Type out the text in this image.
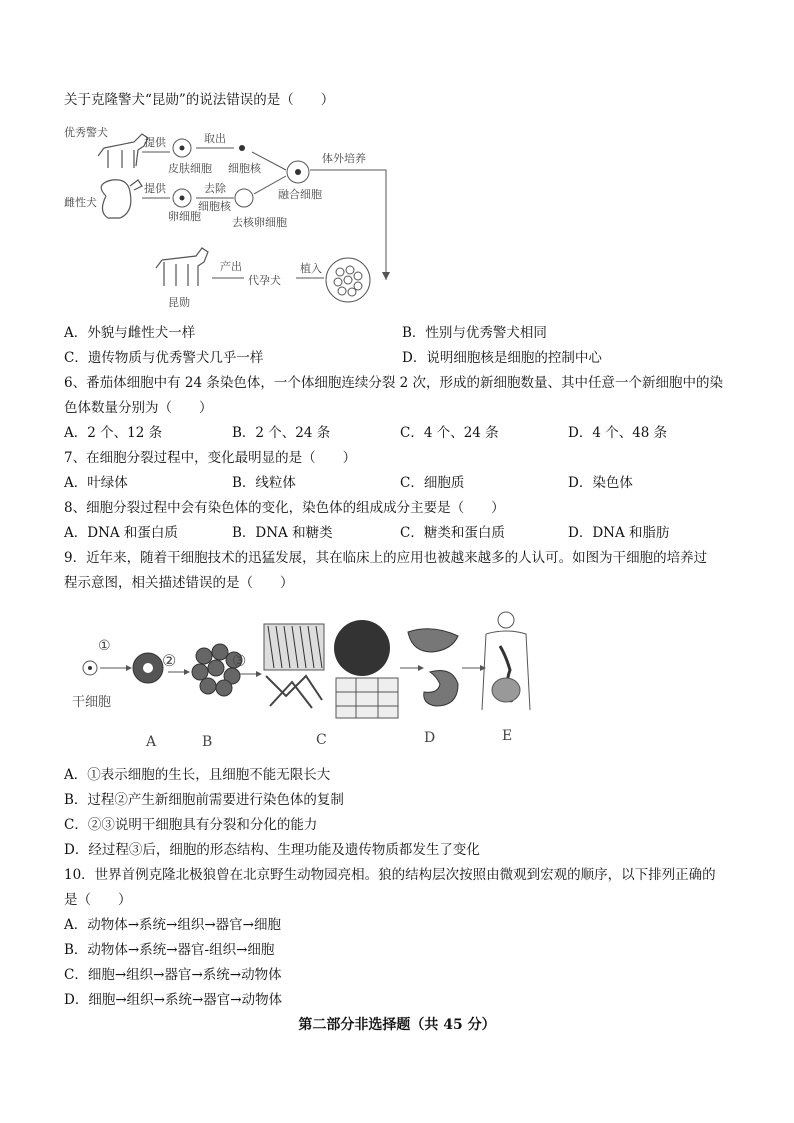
关于克隆警犬“昆勋”的说法错误的是（　　）
优秀警犬
提供
皮肤细胞
取出
细胞核
雌性犬
提供
卵细胞
去除
细胞核
去核卵细胞
融合细胞
体外培养
植入
代孕犬
产出
昆勋
A．外貌与雌性犬一样	B．性别与优秀警犬相同
C．遗传物质与优秀警犬几乎一样	D．说明细胞核是细胞的控制中心
6、番茄体细胞中有 24 条染色体，一个体细胞连续分裂 2 次，形成的新细胞数量、其中任意一个新细胞中的染
色体数量分别为（　　）
A．2 个、12 条	B．2 个、24 条	C．4 个、24 条	D．4 个、48 条
7、在细胞分裂过程中，变化最明显的是（　　）
A．叶绿体	B．线粒体	C．细胞质	D．染色体
8、细胞分裂过程中会有染色体的变化，染色体的组成成分主要是（　　）
A．DNA 和蛋白质	B．DNA 和糖类	C．糖类和蛋白质	D．DNA 和脂肪
9．近年来，随着干细胞技术的迅猛发展，其在临床上的应用也被越来越多的人认可。如图为干细胞的培养过
程示意图，相关描述错误的是（　　）
①
干细胞
②	③
A	B	C	D	E
A．①表示细胞的生长，且细胞不能无限长大
B．过程②产生新细胞前需要进行染色体的复制
C．②③说明干细胞具有分裂和分化的能力
D．经过程③后，细胞的形态结构、生理功能及遗传物质都发生了变化
10．世界首例克隆北极狼曾在北京野生动物园亮相。狼的结构层次按照由微观到宏观的顺序，以下排列正确的
是（　　）
A．动物体→系统→组织→器官→细胞
B．动物体→系统→器官-组织→细胞
C．细胞→组织→器官→系统→动物体
D．细胞→组织→系统→器官→动物体
第二部分非选择题（共 45 分）
